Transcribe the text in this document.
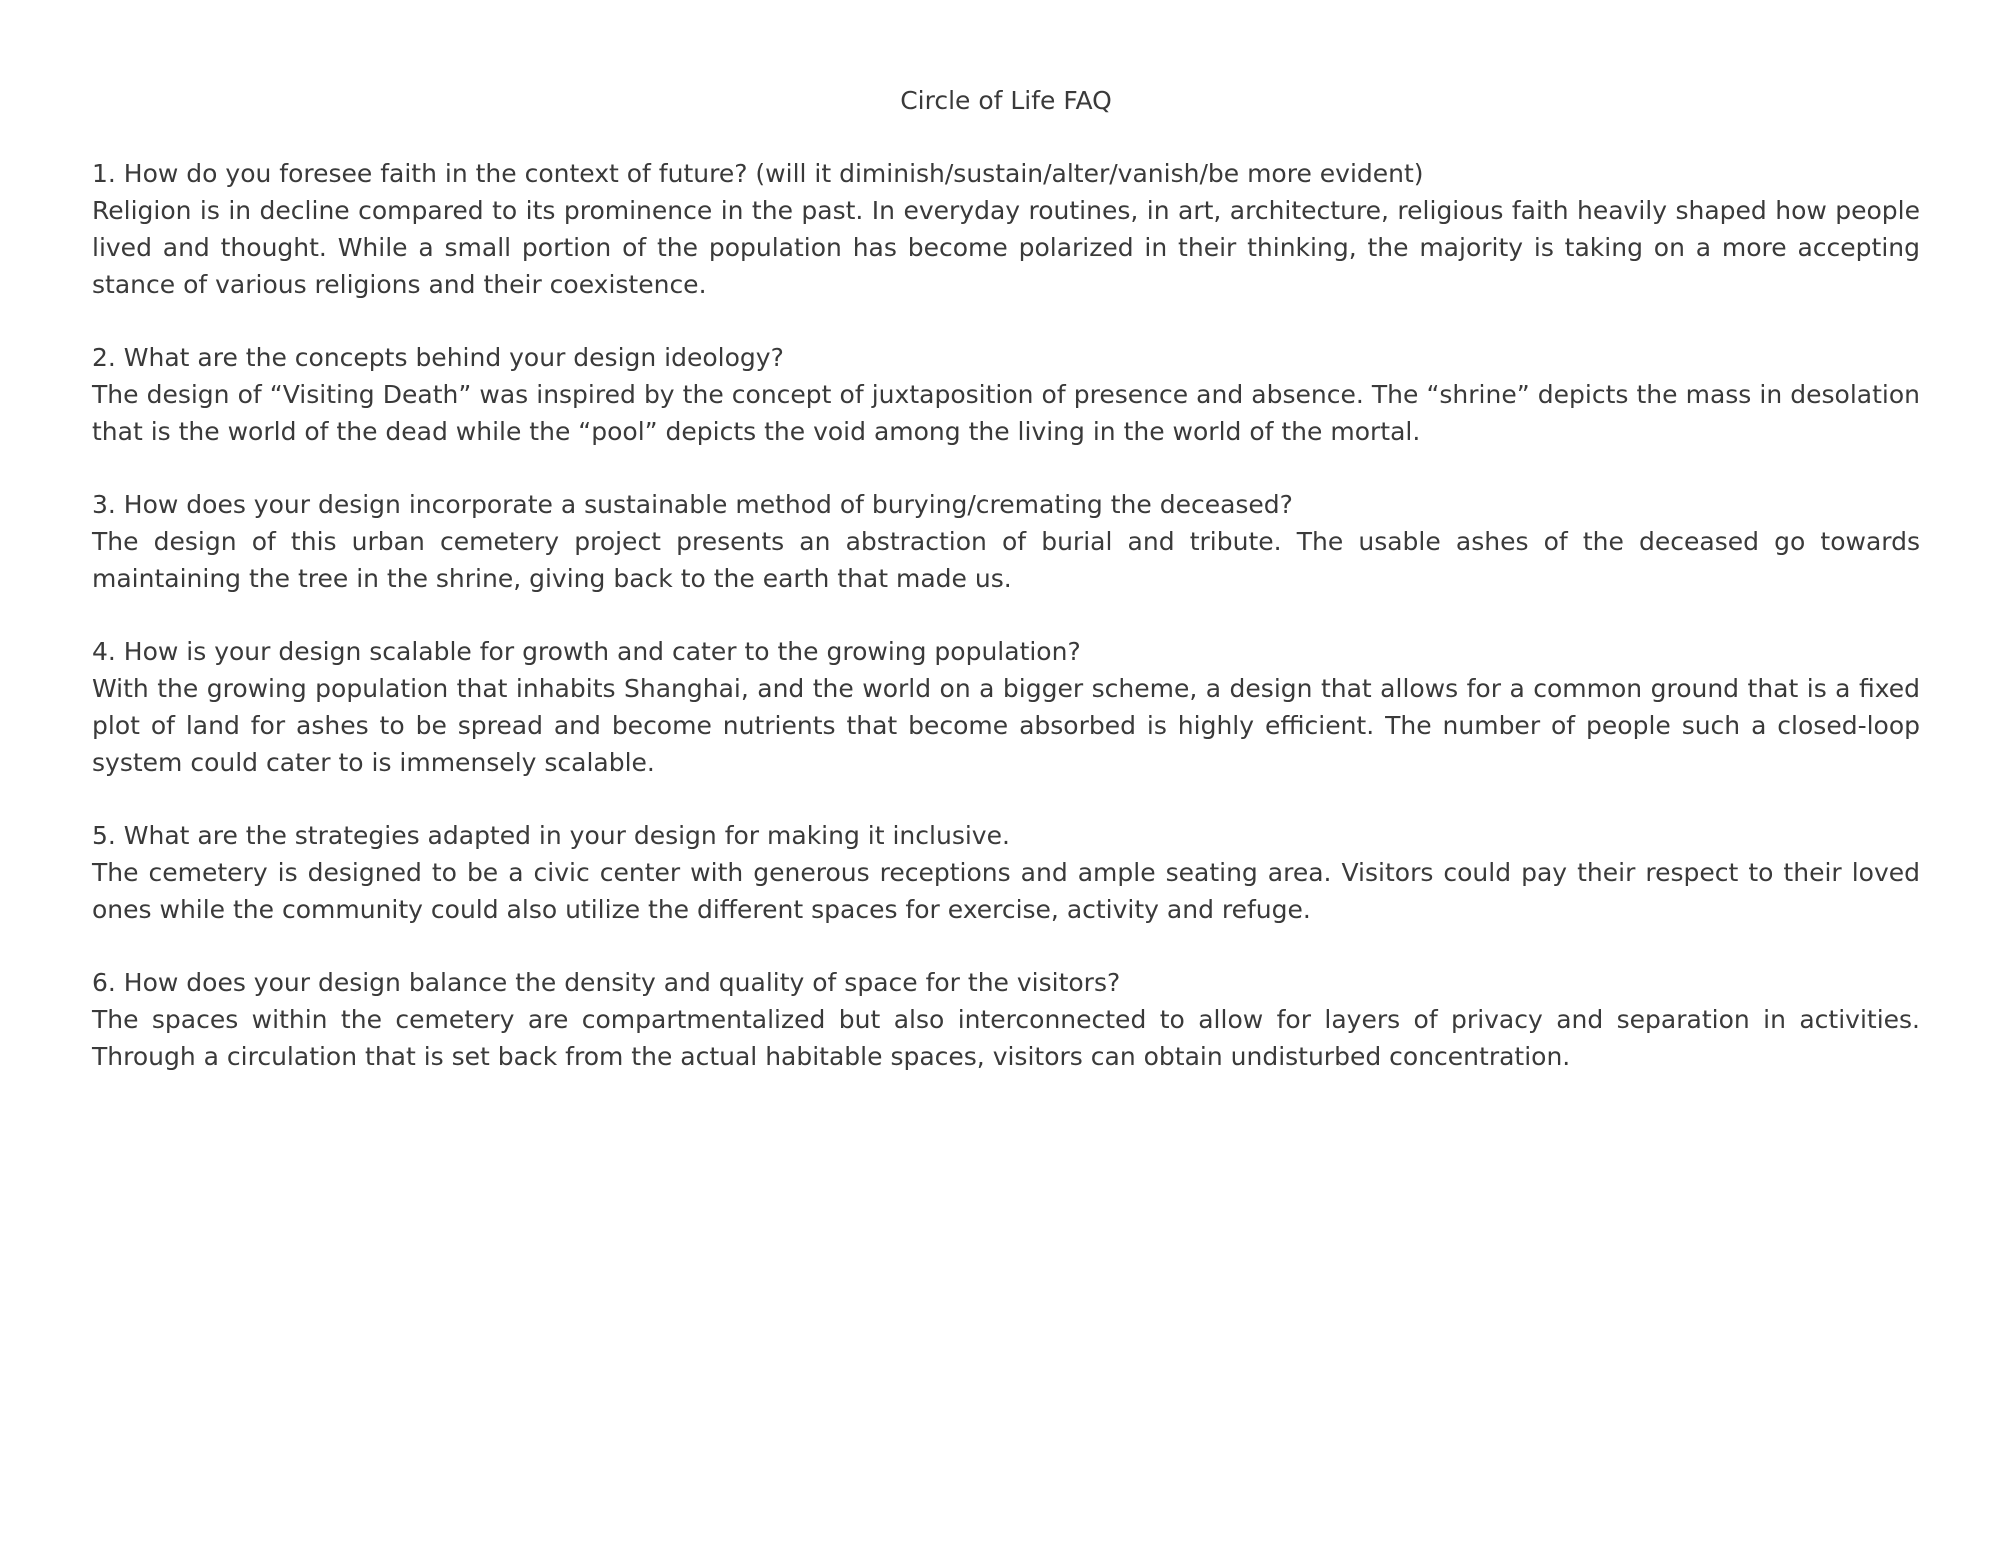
Circle of Life FAQ

1. How do you foresee faith in the context of future? (will it diminish/sustain/alter/vanish/be more evident)

Religion is in decline compared to its prominence in the past. In everyday routines, in art, architecture, religious faith heavily shaped how people lived and thought. While a small portion of the population has become polarized in their thinking, the majority is taking on a more accepting stance of various religions and their coexistence.

2. What are the concepts behind your design ideology?

The design of “Visiting Death” was inspired by the concept of juxtaposition of presence and absence. The “shrine” depicts the mass in desolation that is the world of the dead while the “pool” depicts the void among the living in the world of the mortal.

3. How does your design incorporate a sustainable method of burying/cremating the deceased?

The design of this urban cemetery project presents an abstraction of burial and tribute. The usable ashes of the deceased go towards maintaining the tree in the shrine, giving back to the earth that made us.

4. How is your design scalable for growth and cater to the growing population?

With the growing population that inhabits Shanghai, and the world on a bigger scheme, a design that allows for a common ground that is a fixed plot of land for ashes to be spread and become nutrients that become absorbed is highly efficient. The number of people such a closed-loop system could cater to is immensely scalable.

5. What are the strategies adapted in your design for making it inclusive.

The cemetery is designed to be a civic center with generous receptions and ample seating area. Visitors could pay their respect to their loved ones while the community could also utilize the different spaces for exercise, activity and refuge.

6. How does your design balance the density and quality of space for the visitors?

The spaces within the cemetery are compartmentalized but also interconnected to allow for layers of privacy and separation in activities. Through a circulation that is set back from the actual habitable spaces, visitors can obtain undisturbed concentration.
